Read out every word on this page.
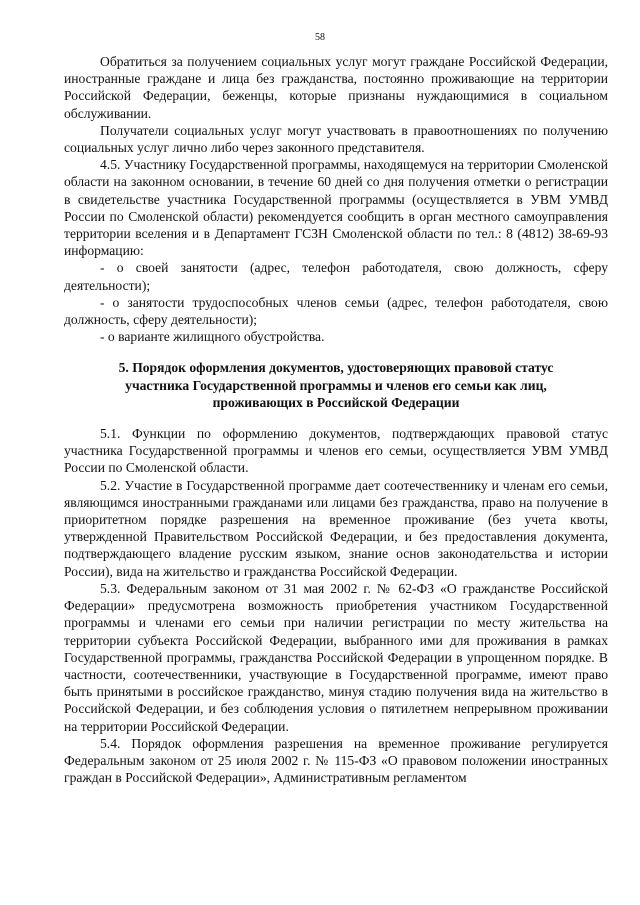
58

Обратиться за получением социальных услуг могут граждане Российской Федерации, иностранные граждане и лица без гражданства, постоянно проживающие на территории Российской Федерации, беженцы, которые признаны нуждающимися в социальном обслуживании.

Получатели социальных услуг могут участвовать в правоотношениях по получению социальных услуг лично либо через законного представителя.

4.5. Участнику Государственной программы, находящемуся на территории Смоленской области на законном основании, в течение 60 дней со дня получения отметки о регистрации в свидетельстве участника Государственной программы (осуществляется в УВМ УМВД России по Смоленской области) рекомендуется сообщить в орган местного самоуправления территории вселения и в Департамент ГСЗН Смоленской области по тел.: 8 (4812) 38-69-93 информацию:

- о своей занятости (адрес, телефон работодателя, свою должность, сферу деятельности);

- о занятости трудоспособных членов семьи (адрес, телефон работодателя, свою должность, сферу деятельности);

- о варианте жилищного обустройства.

5. Порядок оформления документов, удостоверяющих правовой статус
участника Государственной программы и членов его семьи как лиц,
проживающих в Российской Федерации

5.1. Функции по оформлению документов, подтверждающих правовой статус участника Государственной программы и членов его семьи, осуществляется УВМ УМВД России по Смоленской области.

5.2. Участие в Государственной программе дает соотечественнику и членам его семьи, являющимся иностранными гражданами или лицами без гражданства, право на получение в приоритетном порядке разрешения на временное проживание (без учета квоты, утвержденной Правительством Российской Федерации, и без предоставления документа, подтверждающего владение русским языком, знание основ законодательства и истории России), вида на жительство и гражданства Российской Федерации.

5.3. Федеральным законом от 31 мая 2002 г. № 62-ФЗ «О гражданстве Российской Федерации» предусмотрена возможность приобретения участником Государственной программы и членами его семьи при наличии регистрации по месту жительства на территории субъекта Российской Федерации, выбранного ими для проживания в рамках Государственной программы, гражданства Российской Федерации в упрощенном порядке. В частности, соотечественники, участвующие в Государственной программе, имеют право быть принятыми в российское гражданство, минуя стадию получения вида на жительство в Российской Федерации, и без соблюдения условия о пятилетнем непрерывном проживании на территории Российской Федерации.

5.4. Порядок оформления разрешения на временное проживание регулируется Федеральным законом от 25 июля 2002 г. № 115-ФЗ «О правовом положении иностранных граждан в Российской Федерации», Административным регламентом
